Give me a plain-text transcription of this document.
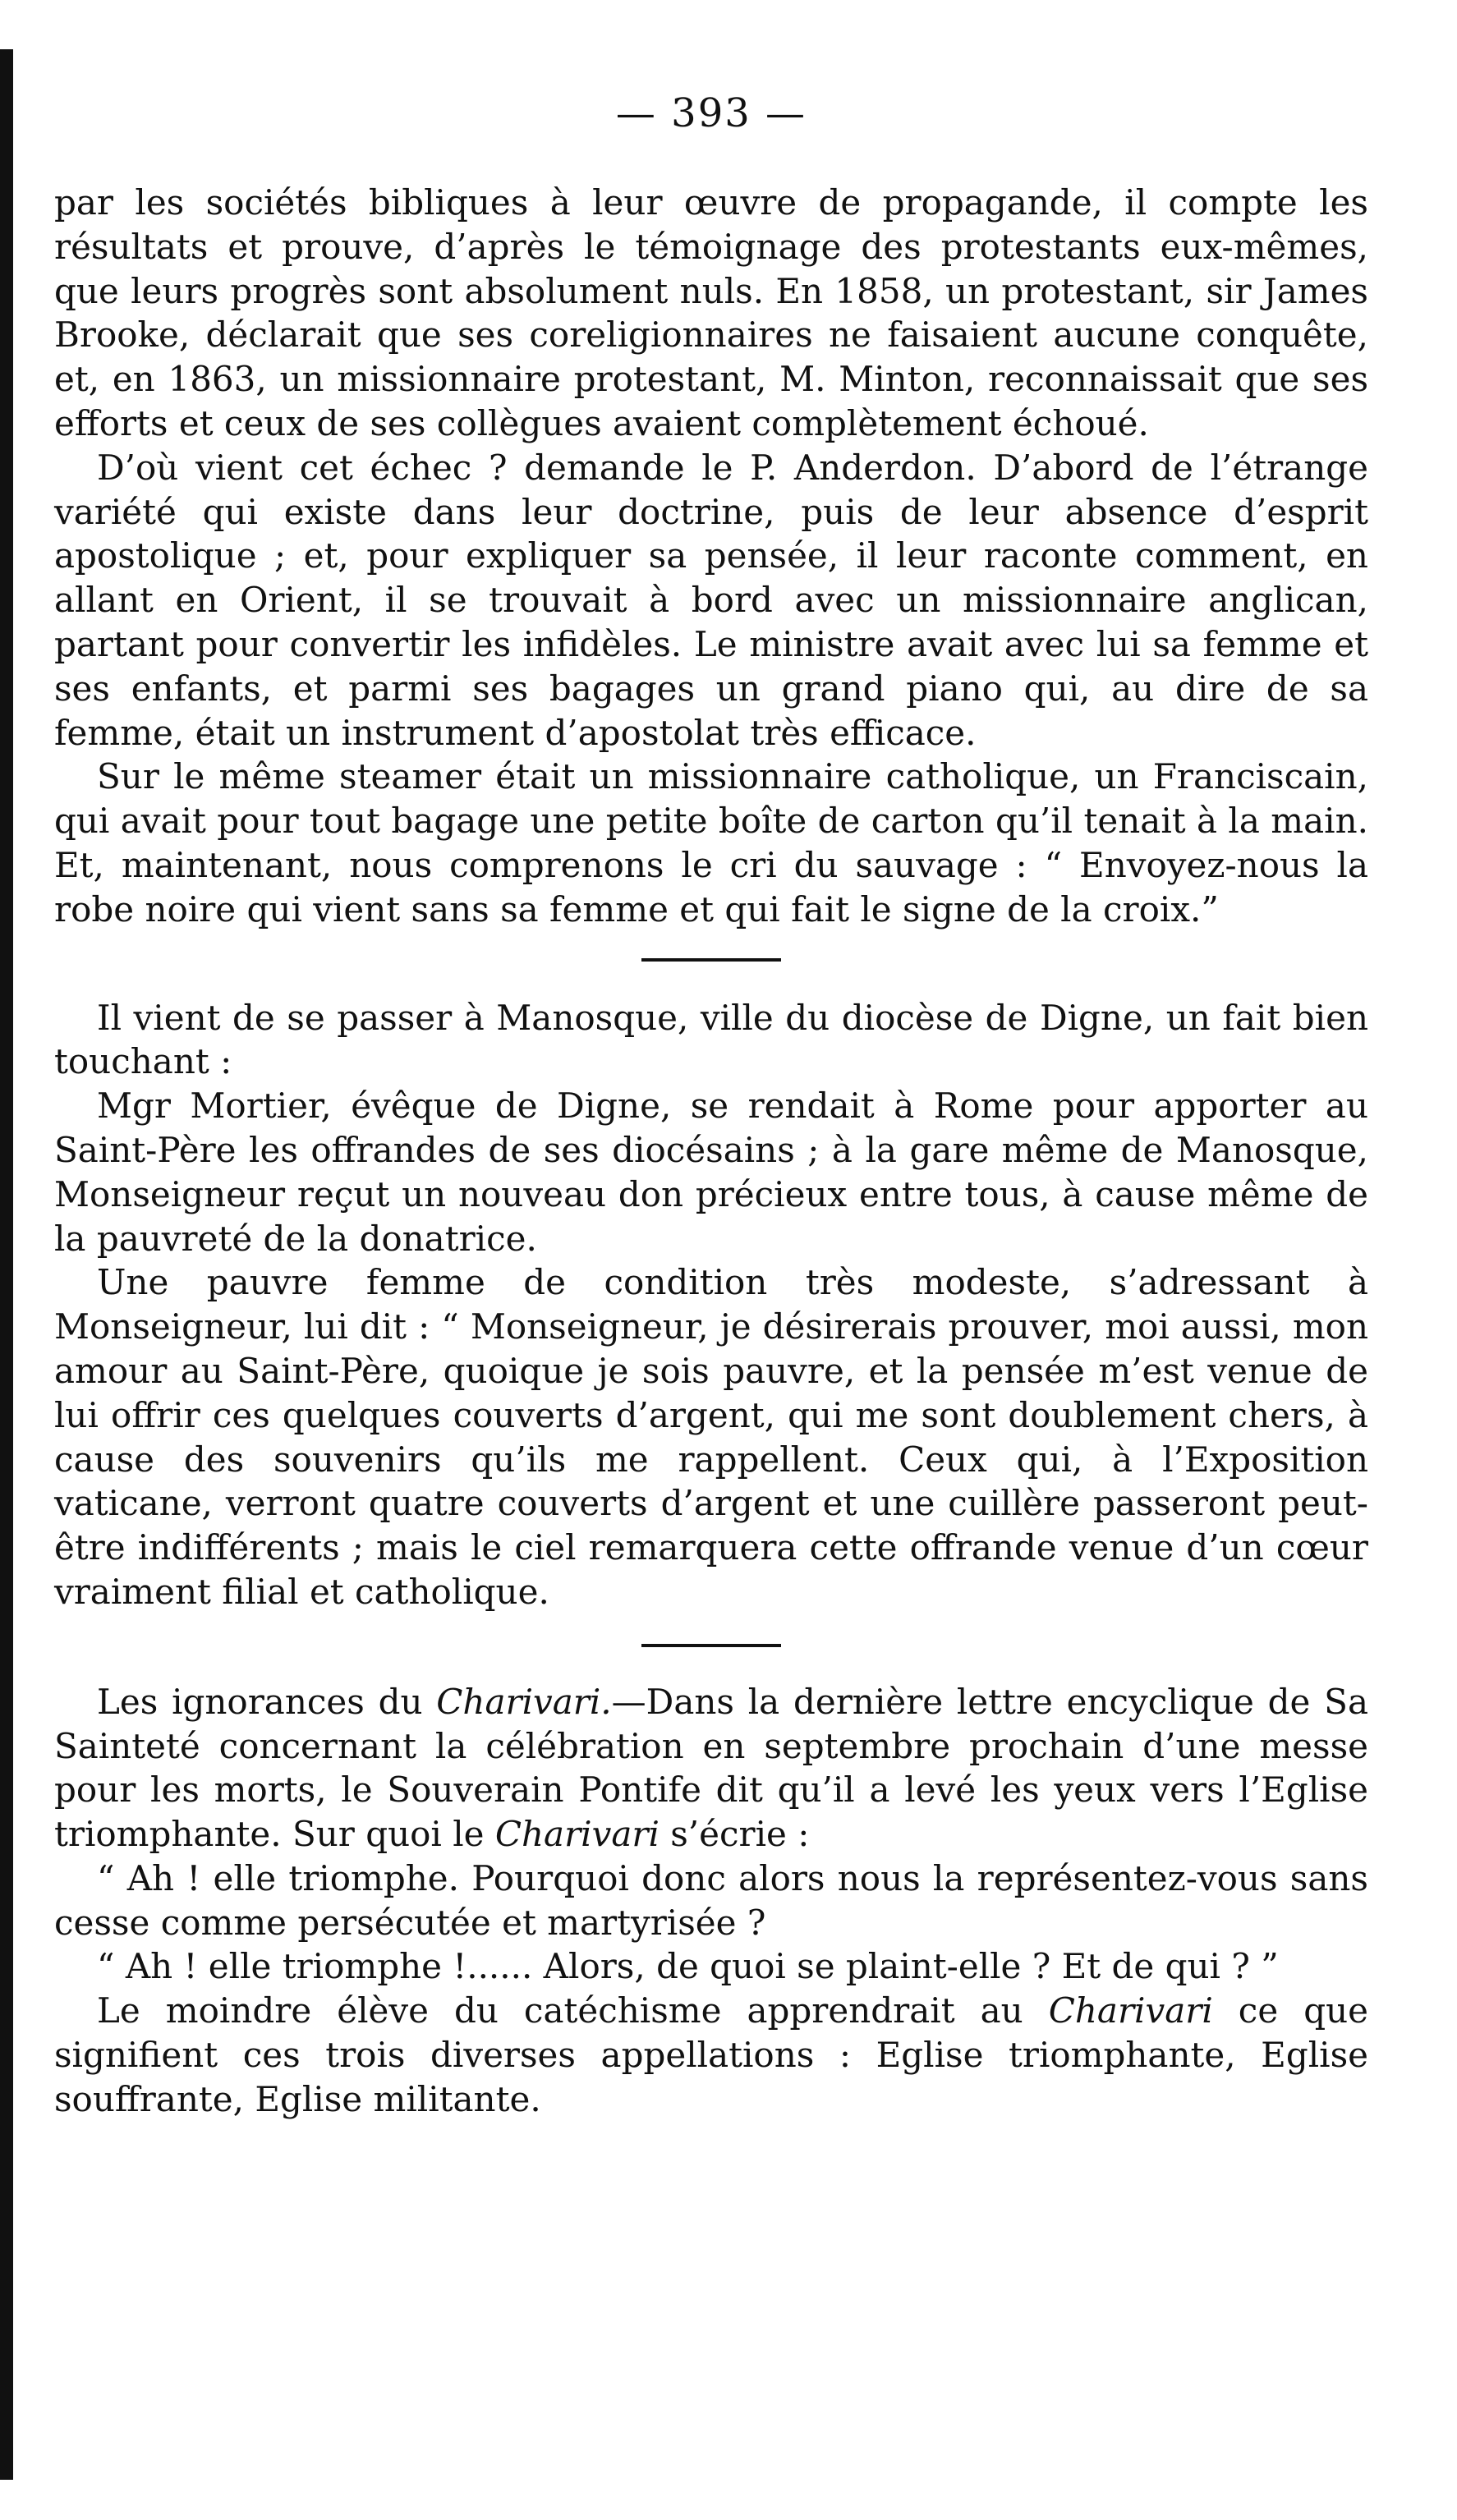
— 393 —

par les sociétés bibliques à leur œuvre de propagande, il compte les résultats et prouve, d’après le témoignage des protestants eux-mêmes, que leurs progrès sont absolument nuls. En 1858, un protestant, sir James Brooke, déclarait que ses coreligionnaires ne faisaient aucune conquête, et, en 1863, un missionnaire protestant, M. Minton, reconnaissait que ses efforts et ceux de ses collègues avaient complètement échoué.

D’où vient cet échec ? demande le P. Anderdon. D’abord de l’étrange variété qui existe dans leur doctrine, puis de leur absence d’esprit apostolique ; et, pour expliquer sa pensée, il leur raconte comment, en allant en Orient, il se trouvait à bord avec un missionnaire anglican, partant pour convertir les infidèles. Le ministre avait avec lui sa femme et ses enfants, et parmi ses bagages un grand piano qui, au dire de sa femme, était un instrument d’apostolat très efficace.

Sur le même steamer était un missionnaire catholique, un Franciscain, qui avait pour tout bagage une petite boîte de carton qu’il tenait à la main. Et, maintenant, nous comprenons le cri du sauvage : “ Envoyez-nous la robe noire qui vient sans sa femme et qui fait le signe de la croix.”

Il vient de se passer à Manosque, ville du diocèse de Digne, un fait bien touchant :

Mgr Mortier, évêque de Digne, se rendait à Rome pour apporter au Saint-Père les offrandes de ses diocésains ; à la gare même de Manosque, Monseigneur reçut un nouveau don précieux entre tous, à cause même de la pauvreté de la donatrice.

Une pauvre femme de condition très modeste, s’adressant à Monseigneur, lui dit : “ Monseigneur, je désirerais prouver, moi aussi, mon amour au Saint-Père, quoique je sois pauvre, et la pensée m’est venue de lui offrir ces quelques couverts d’argent, qui me sont doublement chers, à cause des souvenirs qu’ils me rappellent. Ceux qui, à l’Exposition vaticane, verront quatre couverts d’argent et une cuillère passeront peut-être indifférents ; mais le ciel remarquera cette offrande venue d’un cœur vraiment filial et catholique.

Les ignorances du Charivari.—Dans la dernière lettre encyclique de Sa Sainteté concernant la célébration en septembre prochain d’une messe pour les morts, le Souverain Pontife dit qu’il a levé les yeux vers l’Eglise triomphante. Sur quoi le Charivari s’écrie :

“ Ah ! elle triomphe. Pourquoi donc alors nous la représentez-vous sans cesse comme persécutée et martyrisée ?

“ Ah ! elle triomphe !...... Alors, de quoi se plaint-elle ? Et de qui ? ”

Le moindre élève du catéchisme apprendrait au Charivari ce que signifient ces trois diverses appellations : Eglise triomphante, Eglise souffrante, Eglise militante.
